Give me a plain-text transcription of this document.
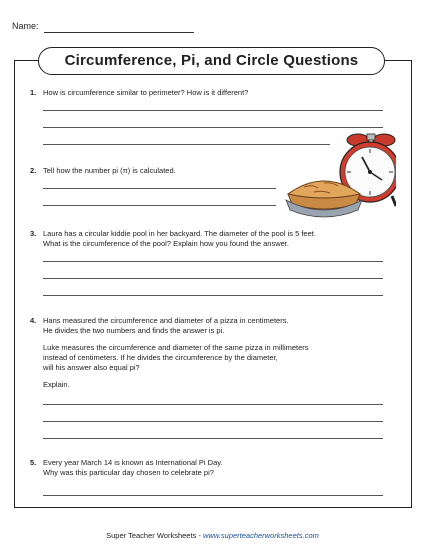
Name:
Circumference, Pi, and Circle Questions
1. How is circumference similar to perimeter? How is it different?
2. Tell how the number pi (π) is calculated.
3. Laura has a circular kiddie pool in her backyard. The diameter of the pool is 5 feet.
What is the circumference of the pool? Explain how you found the answer.
4. Hans measured the circumference and diameter of a pizza in centimeters.
He divides the two numbers and finds the answer is pi.
Luke measures the circumference and diameter of the same pizza in millimeters
instead of centimeters. If he divides the circumference by the diameter,
will his answer also equal pi?
Explain.
5. Every year March 14 is known as International Pi Day.
Why was this particular day chosen to celebrate pi?
Super Teacher Worksheets - www.superteacherworksheets.com
